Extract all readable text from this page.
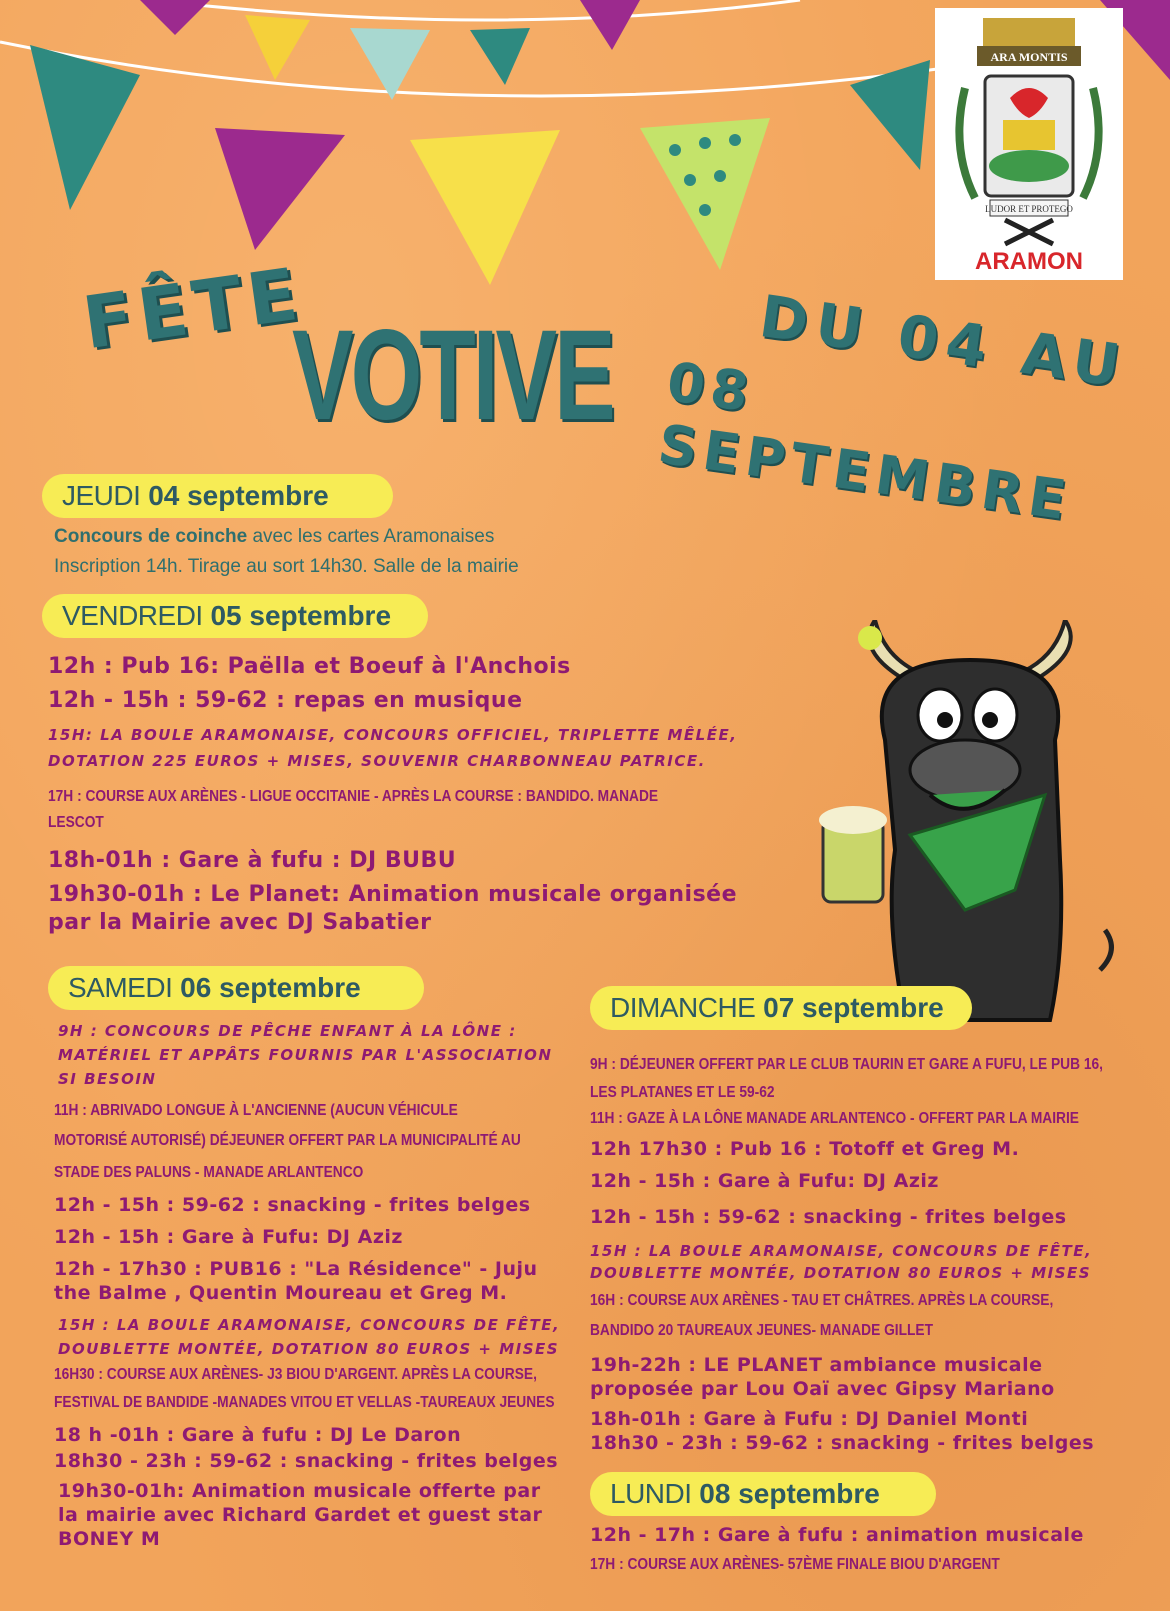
ARA MONTIS
LUDOR ET PROTEGO
ARAMON
FÊTE
VOTIVE DU 04 AU
08 SEPTEMBRE
JEUDI 04 septembre
Concours de coinche avec les cartes Aramonaises
Inscription 14h. Tirage au sort 14h30. Salle de la mairie
VENDREDI 05 septembre
12h : Pub 16: Paëlla et Boeuf à l'Anchois
12h - 15h : 59-62 : repas en musique
15H: LA BOULE ARAMONAISE, CONCOURS OFFICIEL, TRIPLETTE MÊLÉE,
DOTATION 225 EUROS + MISES, SOUVENIR CHARBONNEAU PATRICE.
17H : COURSE AUX ARÈNES - LIGUE OCCITANIE - APRÈS LA COURSE : BANDIDO. MANADE
LESCOT
18h-01h : Gare à fufu : DJ BUBU
19h30-01h : Le Planet: Animation musicale organisée
par la Mairie avec DJ Sabatier
SAMEDI 06 septembre
9H : CONCOURS DE PÊCHE ENFANT À LA LÔNE :
MATÉRIEL ET APPÂTS FOURNIS PAR L'ASSOCIATION
SI BESOIN
11H : ABRIVADO LONGUE À L'ANCIENNE (AUCUN VÉHICULE
MOTORISÉ AUTORISÉ) DÉJEUNER OFFERT PAR LA MUNICIPALITÉ AU
STADE DES PALUNS - MANADE ARLANTENCO
12h - 15h : 59-62 : snacking - frites belges
12h - 15h : Gare à Fufu: DJ Aziz
12h - 17h30 : PUB16 : "La Résidence" - Juju
the Balme , Quentin Moureau et Greg M.
15H : LA BOULE ARAMONAISE, CONCOURS DE FÊTE,
DOUBLETTE MONTÉE, DOTATION 80 EUROS + MISES
16H30 : COURSE AUX ARÈNES- J3 BIOU D'ARGENT. APRÈS LA COURSE,
FESTIVAL DE BANDIDE -MANADES VITOU ET VELLAS -TAUREAUX JEUNES
18 h -01h : Gare à fufu : DJ Le Daron
18h30 - 23h : 59-62 : snacking - frites belges
19h30-01h: Animation musicale offerte par
la mairie avec Richard Gardet et guest star
BONEY M
DIMANCHE 07 septembre
9H : DÉJEUNER OFFERT PAR LE CLUB TAURIN ET GARE A FUFU, LE PUB 16,
LES PLATANES ET LE 59-62
11H : GAZE À LA LÔNE MANADE ARLANTENCO - OFFERT PAR LA MAIRIE
12h 17h30 : Pub 16 : Totoff et Greg M.
12h - 15h : Gare à Fufu: DJ Aziz
12h - 15h : 59-62 : snacking - frites belges
15H : LA BOULE ARAMONAISE, CONCOURS DE FÊTE,
DOUBLETTE MONTÉE, DOTATION 80 EUROS + MISES
16H : COURSE AUX ARÈNES - TAU ET CHÂTRES. APRÈS LA COURSE,
BANDIDO 20 TAUREAUX JEUNES- MANADE GILLET
19h-22h : LE PLANET ambiance musicale
proposée par Lou Oaï avec Gipsy Mariano
18h-01h : Gare à Fufu : DJ Daniel Monti
18h30 - 23h : 59-62 : snacking - frites belges
LUNDI 08 septembre
12h - 17h : Gare à fufu : animation musicale
17H : COURSE AUX ARÈNES- 57ÈME FINALE BIOU D'ARGENT
